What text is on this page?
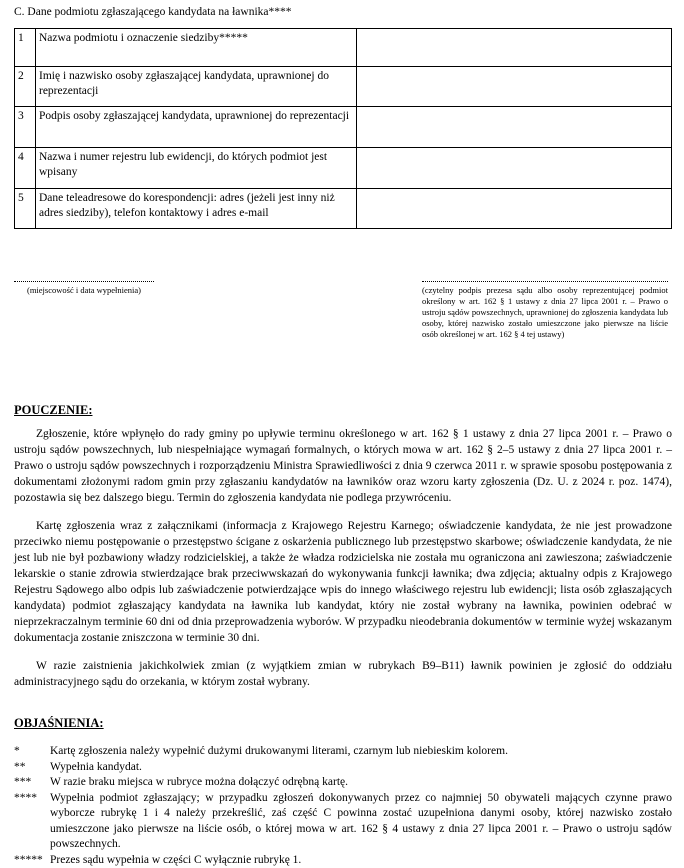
C. Dane podmiotu zgłaszającego kandydata na ławnika****
1	Nazwa podmiotu i oznaczenie siedziby*****	
2	Imię i nazwisko osoby zgłaszającej kandydata, uprawnionej do reprezentacji	
3	Podpis osoby zgłaszającej kandydata, uprawnionej do reprezentacji	
4	Nazwa i numer rejestru lub ewidencji, do których podmiot jest wpisany	
5	Dane teleadresowe do korespondencji: adres (jeżeli jest inny niż adres siedziby), telefon kontaktowy i adres e-mail	
(miejscowość i data wypełnienia)	(czytelny podpis prezesa sądu albo osoby reprezentującej podmiot określony w art. 162 § 1 ustawy z dnia 27 lipca 2001 r. – Prawo o ustroju sądów powszechnych, uprawnionej do zgłoszenia kandydata lub osoby, której nazwisko zostało umieszczone jako pierwsze na liście osób określonej w art. 162 § 4 tej ustawy)
POUCZENIE:

Zgłoszenie, które wpłynęło do rady gminy po upływie terminu określonego w art. 162 § 1 ustawy z dnia 27 lipca 2001 r. – Prawo o ustroju sądów powszechnych, lub niespełniające wymagań formalnych, o których mowa w art. 162 § 2–5 ustawy z dnia 27 lipca 2001 r. – Prawo o ustroju sądów powszechnych i rozporządzeniu Ministra Sprawiedliwości z dnia 9 czerwca 2011 r. w sprawie sposobu postępowania z dokumentami złożonymi radom gmin przy zgłaszaniu kandydatów na ławników oraz wzoru karty zgłoszenia (Dz. U. z 2024 r. poz. 1474), pozostawia się bez dalszego biegu. Termin do zgłoszenia kandydata nie podlega przywróceniu.

Kartę zgłoszenia wraz z załącznikami (informacja z Krajowego Rejestru Karnego; oświadczenie kandydata, że nie jest prowadzone przeciwko niemu postępowanie o przestępstwo ścigane z oskarżenia publicznego lub przestępstwo skarbowe; oświadczenie kandydata, że nie jest lub nie był pozbawiony władzy rodzicielskiej, a także że władza rodzicielska nie została mu ograniczona ani zawieszona; zaświadczenie lekarskie o stanie zdrowia stwierdzające brak przeciwwskazań do wykonywania funkcji ławnika; dwa zdjęcia; aktualny odpis z Krajowego Rejestru Sądowego albo odpis lub zaświadczenie potwierdzające wpis do innego właściwego rejestru lub ewidencji; lista osób zgłaszających kandydata) podmiot zgłaszający kandydata na ławnika lub kandydat, który nie został wybrany na ławnika, powinien odebrać w nieprzekraczalnym terminie 60 dni od dnia przeprowadzenia wyborów. W przypadku nieodebrania dokumentów w terminie wyżej wskazanym dokumentacja zostanie zniszczona w terminie 30 dni.

W razie zaistnienia jakichkolwiek zmian (z wyjątkiem zmian w rubrykach B9–B11) ławnik powinien je zgłosić do oddziału administracyjnego sądu do orzekania, w którym został wybrany.

OBJAŚNIENIA:
*	Kartę zgłoszenia należy wypełnić dużymi drukowanymi literami, czarnym lub niebieskim kolorem.
**	Wypełnia kandydat.
***	W razie braku miejsca w rubryce można dołączyć odrębną kartę.
****	Wypełnia podmiot zgłaszający; w przypadku zgłoszeń dokonywanych przez co najmniej 50 obywateli mających czynne prawo wyborcze rubrykę 1 i 4 należy przekreślić, zaś część C powinna zostać uzupełniona danymi osoby, której nazwisko zostało umieszczone jako pierwsze na liście osób, o której mowa w art. 162 § 4 ustawy z dnia 27 lipca 2001 r. – Prawo o ustroju sądów powszechnych.
***** Prezes sądu wypełnia w części C wyłącznie rubrykę 1.
